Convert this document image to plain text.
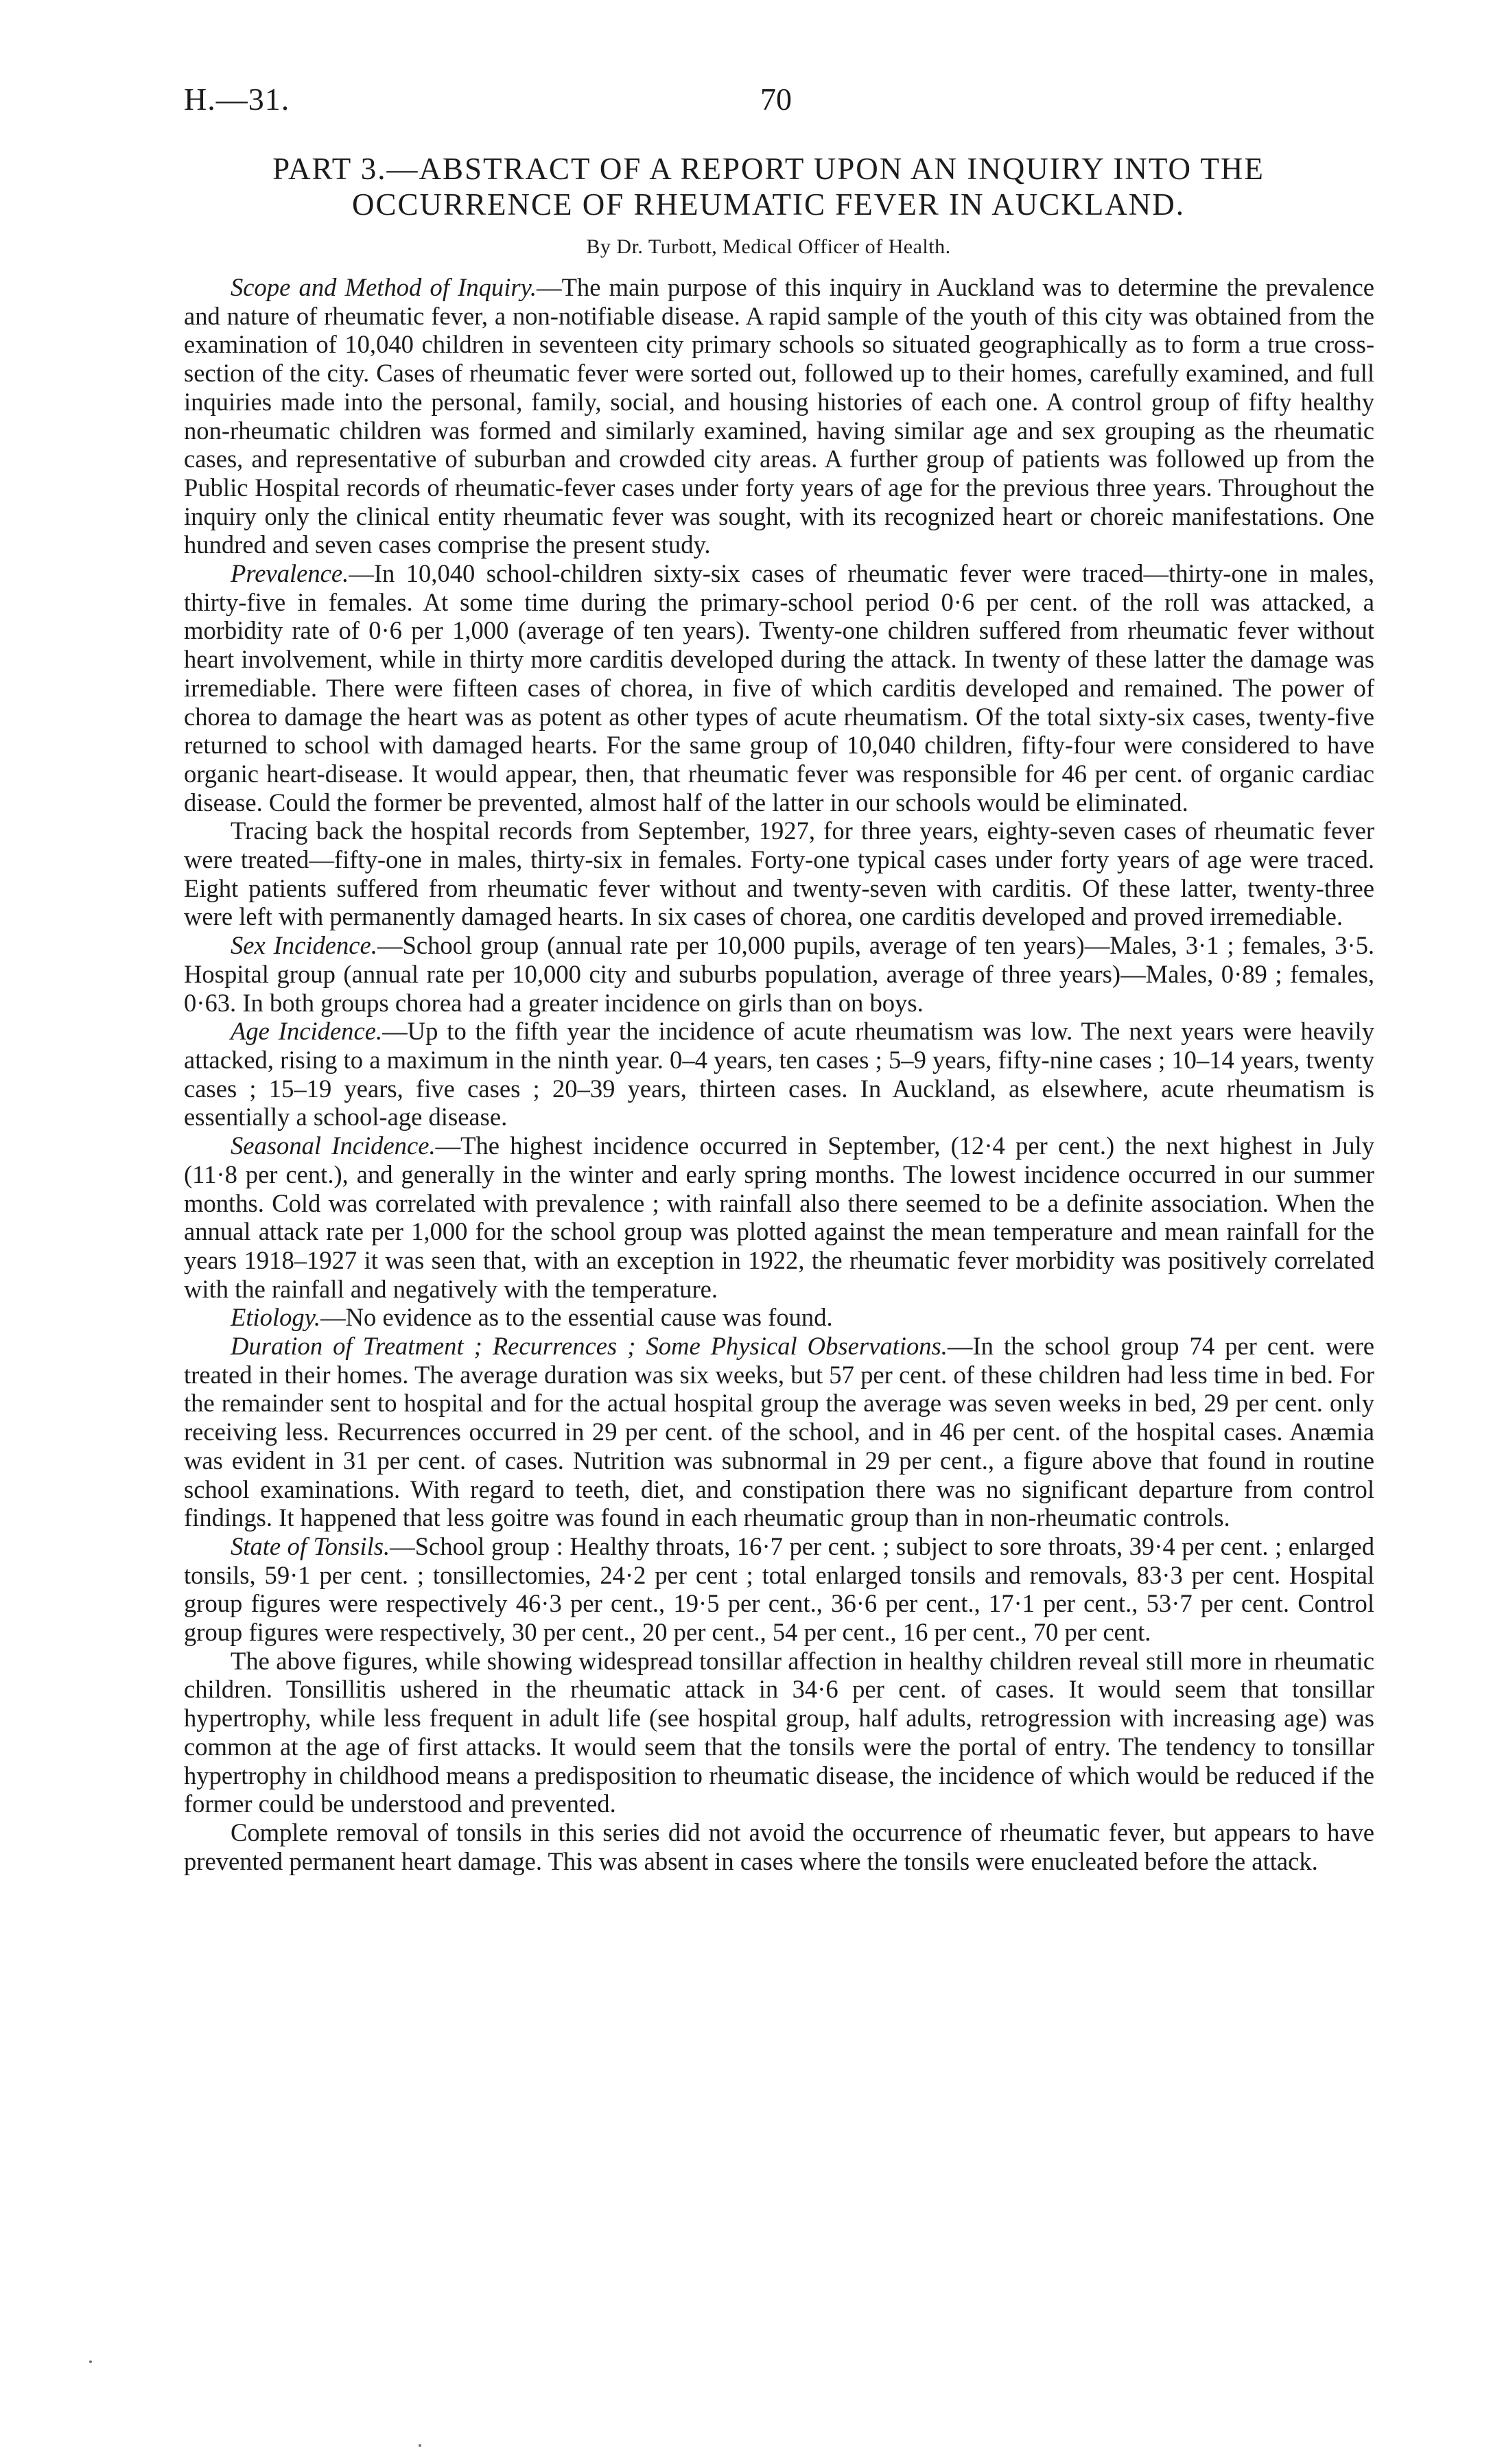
H.—31.	70
PART 3.—ABSTRACT OF A REPORT UPON AN INQUIRY INTO THE
OCCURRENCE OF RHEUMATIC FEVER IN AUCKLAND.
By Dr. Turbott, Medical Officer of Health.

Scope and Method of Inquiry.—The main purpose of this inquiry in Auckland was to determine the prevalence and nature of rheumatic fever, a non-notifiable disease. A rapid sample of the youth of this city was obtained from the examination of 10,040 children in seventeen city primary schools so situated geographically as to form a true cross-section of the city. Cases of rheumatic fever were sorted out, followed up to their homes, carefully examined, and full inquiries made into the personal, family, social, and housing histories of each one. A control group of fifty healthy non-rheumatic children was formed and similarly examined, having similar age and sex grouping as the rheumatic cases, and representative of suburban and crowded city areas. A further group of patients was followed up from the Public Hospital records of rheumatic-fever cases under forty years of age for the previous three years. Throughout the inquiry only the clinical entity rheumatic fever was sought, with its recognized heart or choreic manifestations. One hundred and seven cases comprise the present study.

Prevalence.—In 10,040 school-children sixty-six cases of rheumatic fever were traced—thirty-one in males, thirty-five in females. At some time during the primary-school period 0·6 per cent. of the roll was attacked, a morbidity rate of 0·6 per 1,000 (average of ten years). Twenty-one children suffered from rheumatic fever without heart involvement, while in thirty more carditis developed during the attack. In twenty of these latter the damage was irremediable. There were fifteen cases of chorea, in five of which carditis developed and remained. The power of chorea to damage the heart was as potent as other types of acute rheumatism. Of the total sixty-six cases, twenty-five returned to school with damaged hearts. For the same group of 10,040 children, fifty-four were considered to have organic heart-disease. It would appear, then, that rheumatic fever was responsible for 46 per cent. of organic cardiac disease. Could the former be prevented, almost half of the latter in our schools would be eliminated.

Tracing back the hospital records from September, 1927, for three years, eighty-seven cases of rheumatic fever were treated—fifty-one in males, thirty-six in females. Forty-one typical cases under forty years of age were traced. Eight patients suffered from rheumatic fever without and twenty-seven with carditis. Of these latter, twenty-three were left with permanently damaged hearts. In six cases of chorea, one carditis developed and proved irremediable.

Sex Incidence.—School group (annual rate per 10,000 pupils, average of ten years)—Males, 3·1 ; females, 3·5. Hospital group (annual rate per 10,000 city and suburbs population, average of three years)—Males, 0·89 ; females, 0·63. In both groups chorea had a greater incidence on girls than on boys.

Age Incidence.—Up to the fifth year the incidence of acute rheumatism was low. The next years were heavily attacked, rising to a maximum in the ninth year. 0–4 years, ten cases ; 5–9 years, fifty-nine cases ; 10–14 years, twenty cases ; 15–19 years, five cases ; 20–39 years, thirteen cases. In Auckland, as elsewhere, acute rheumatism is essentially a school-age disease.

Seasonal Incidence.—The highest incidence occurred in September, (12·4 per cent.) the next highest in July (11·8 per cent.), and generally in the winter and early spring months. The lowest incidence occurred in our summer months. Cold was correlated with prevalence ; with rainfall also there seemed to be a definite association. When the annual attack rate per 1,000 for the school group was plotted against the mean temperature and mean rainfall for the years 1918–1927 it was seen that, with an exception in 1922, the rheumatic fever morbidity was positively correlated with the rainfall and negatively with the temperature.

Etiology.—No evidence as to the essential cause was found.

Duration of Treatment ; Recurrences ; Some Physical Observations.—In the school group 74 per cent. were treated in their homes. The average duration was six weeks, but 57 per cent. of these children had less time in bed. For the remainder sent to hospital and for the actual hospital group the average was seven weeks in bed, 29 per cent. only receiving less. Recurrences occurred in 29 per cent. of the school, and in 46 per cent. of the hospital cases. Anæmia was evident in 31 per cent. of cases. Nutrition was subnormal in 29 per cent., a figure above that found in routine school examinations. With regard to teeth, diet, and constipation there was no significant departure from control findings. It happened that less goitre was found in each rheumatic group than in non-rheumatic controls.

State of Tonsils.—School group : Healthy throats, 16·7 per cent. ; subject to sore throats, 39·4 per cent. ; enlarged tonsils, 59·1 per cent. ; tonsillectomies, 24·2 per cent ; total enlarged tonsils and removals, 83·3 per cent. Hospital group figures were respectively 46·3 per cent., 19·5 per cent., 36·6 per cent., 17·1 per cent., 53·7 per cent. Control group figures were respectively, 30 per cent., 20 per cent., 54 per cent., 16 per cent., 70 per cent.

The above figures, while showing widespread tonsillar affection in healthy children reveal still more in rheumatic children. Tonsillitis ushered in the rheumatic attack in 34·6 per cent. of cases. It would seem that tonsillar hypertrophy, while less frequent in adult life (see hospital group, half adults, retrogression with increasing age) was common at the age of first attacks. It would seem that the tonsils were the portal of entry. The tendency to tonsillar hypertrophy in childhood means a predisposition to rheumatic disease, the incidence of which would be reduced if the former could be understood and prevented.

Complete removal of tonsils in this series did not avoid the occurrence of rheumatic fever, but appears to have prevented permanent heart damage. This was absent in cases where the tonsils were enucleated before the attack.
